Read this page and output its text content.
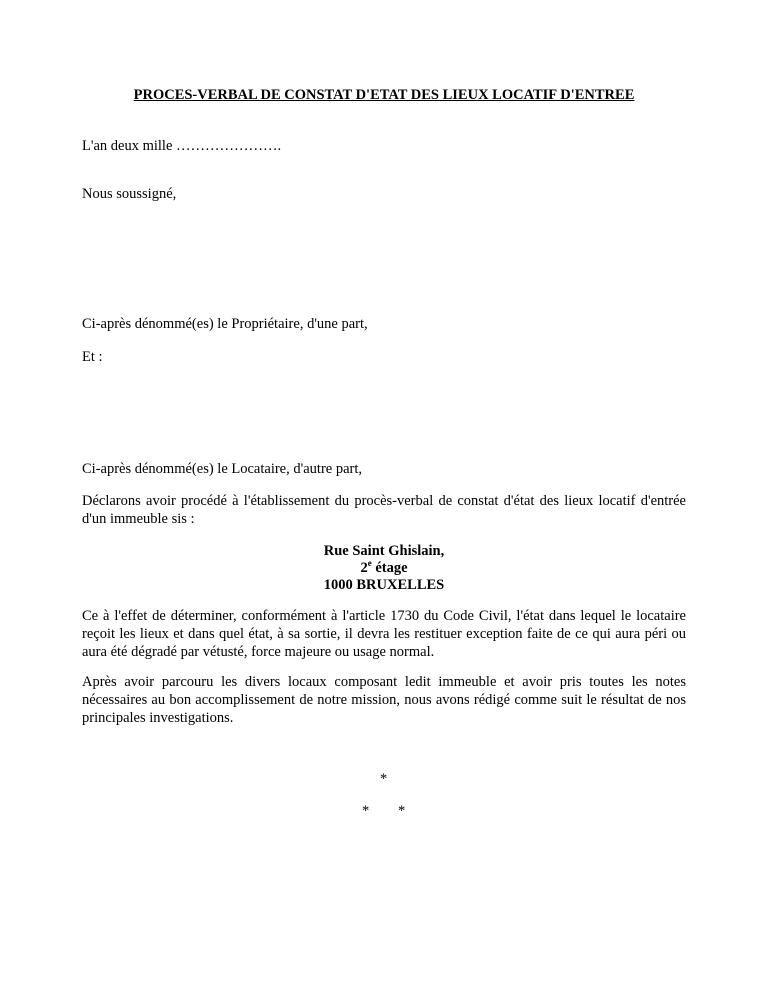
PROCES-VERBAL DE CONSTAT D'ETAT DES LIEUX LOCATIF D'ENTREE
L'an deux mille ………………….
Nous soussigné,
Ci-après dénommé(es) le Propriétaire, d'une part,
Et :
Ci-après dénommé(es) le Locataire, d'autre part,
Déclarons avoir procédé à l'établissement du procès-verbal de constat d'état des lieux locatif d'entrée d'un immeuble sis :
Rue Saint Ghislain,
2e étage
1000 BRUXELLES
Ce à l'effet de déterminer, conformément à l'article 1730 du Code Civil, l'état dans lequel le locataire reçoit les lieux et dans quel état, à sa sortie, il devra les restituer exception faite de ce qui aura péri ou aura été dégradé par vétusté, force majeure ou usage normal.
Après avoir parcouru les divers locaux composant ledit immeuble et avoir pris toutes les notes nécessaires au bon accomplissement de notre mission, nous avons rédigé comme suit le résultat de nos principales investigations.
*
* *
